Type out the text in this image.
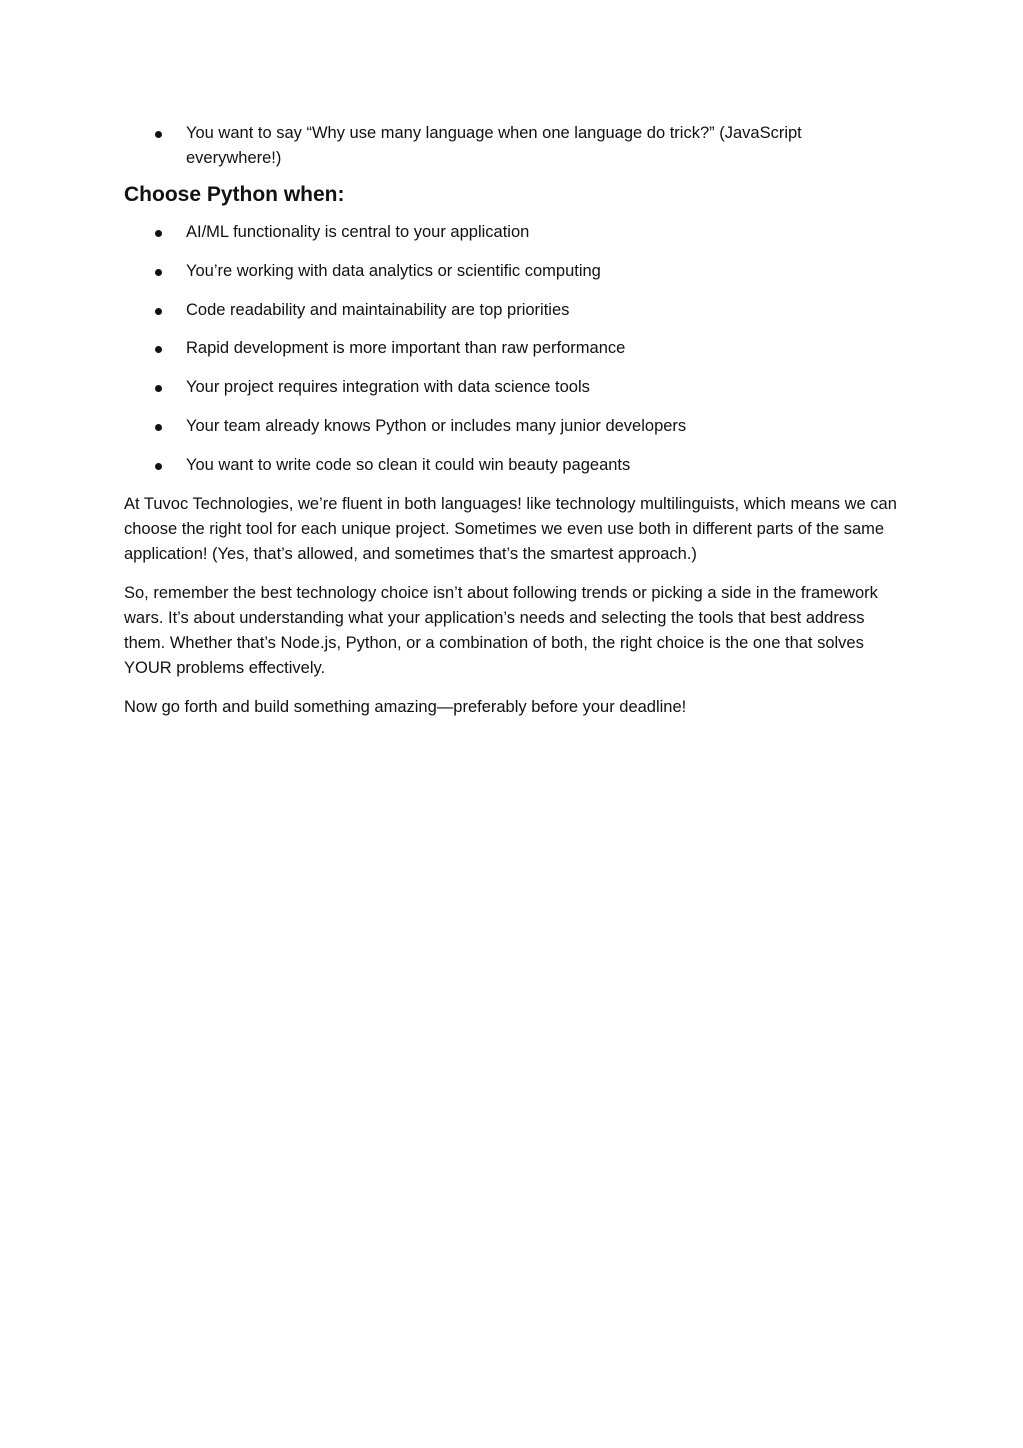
You want to say “Why use many language when one language do trick?” (JavaScript everywhere!)
Choose Python when:
AI/ML functionality is central to your application
You’re working with data analytics or scientific computing
Code readability and maintainability are top priorities
Rapid development is more important than raw performance
Your project requires integration with data science tools
Your team already knows Python or includes many junior developers
You want to write code so clean it could win beauty pageants

At Tuvoc Technologies, we’re fluent in both languages! like technology multilinguists, which means we can choose the right tool for each unique project. Sometimes we even use both in different parts of the same application! (Yes, that’s allowed, and sometimes that’s the smartest approach.)

So, remember the best technology choice isn’t about following trends or picking a side in the framework wars. It’s about understanding what your application’s needs and selecting the tools that best address them. Whether that’s Node.js, Python, or a combination of both, the right choice is the one that solves YOUR problems effectively.

Now go forth and build something amazing—preferably before your deadline!
